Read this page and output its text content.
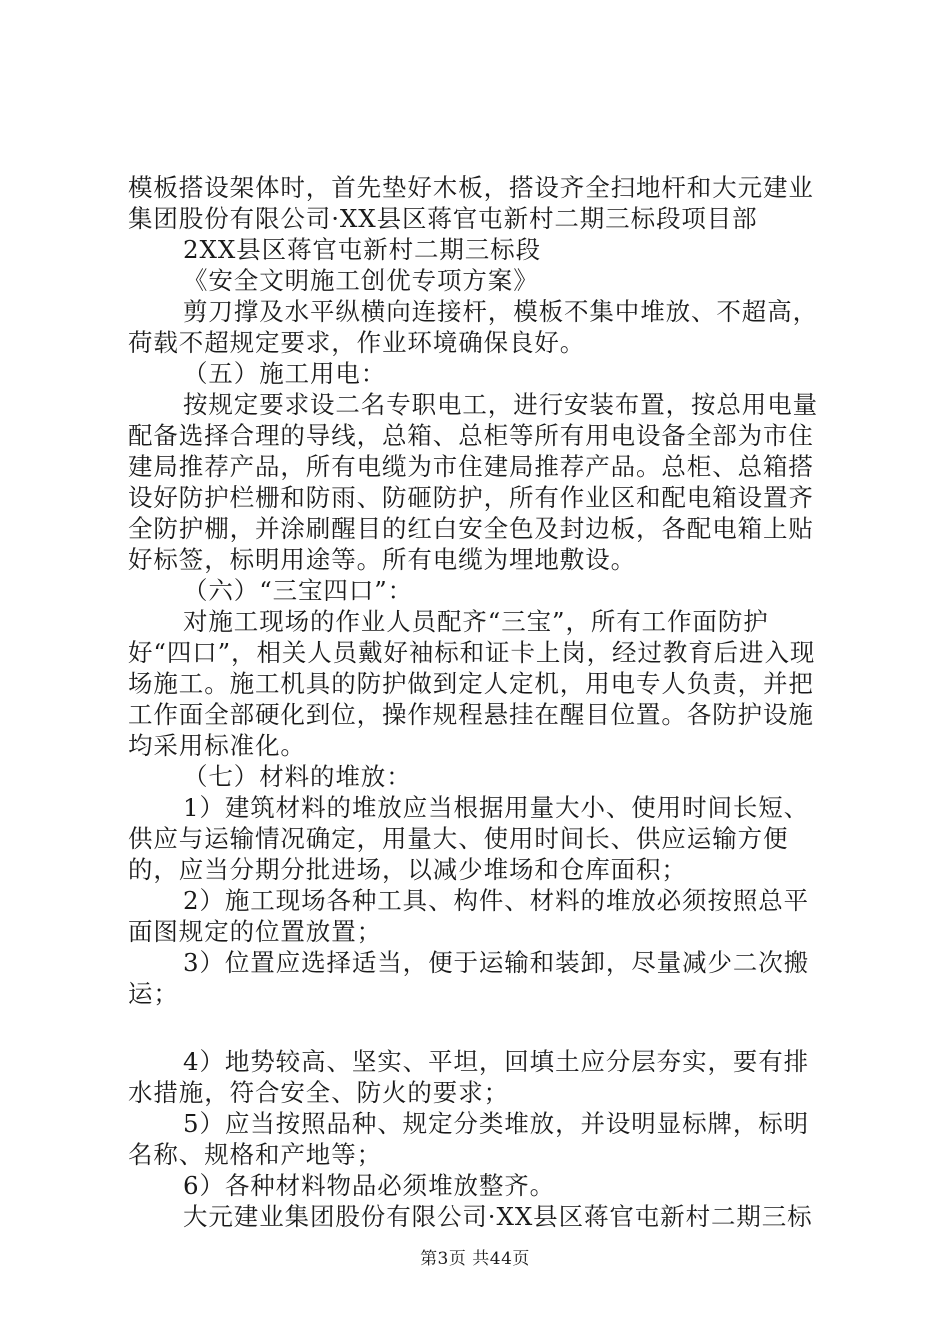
模板搭设架体时，首先垫好木板，搭设齐全扫地杆和大元建业集团股份有限公司·XX县区蒋官屯新村二期三标段项目部

2XX县区蒋官屯新村二期三标段

《安全文明施工创优专项方案》

剪刀撑及水平纵横向连接杆，模板不集中堆放、不超高，荷载不超规定要求，作业环境确保良好。

（五）施工用电：

按规定要求设二名专职电工，进行安装布置，按总用电量配备选择合理的导线，总箱、总柜等所有用电设备全部为市住建局推荐产品，所有电缆为市住建局推荐产品。总柜、总箱搭设好防护栏栅和防雨、防砸防护，所有作业区和配电箱设置齐全防护棚，并涂刷醒目的红白安全色及封边板，各配电箱上贴好标签，标明用途等。所有电缆为埋地敷设。

（六）“三宝四口”：

对施工现场的作业人员配齐“三宝”，所有工作面防护好“四口”，相关人员戴好袖标和证卡上岗，经过教育后进入现场施工。施工机具的防护做到定人定机，用电专人负责，并把工作面全部硬化到位，操作规程悬挂在醒目位置。各防护设施均采用标准化。

（七）材料的堆放：

1）建筑材料的堆放应当根据用量大小、使用时间长短、供应与运输情况确定，用量大、使用时间长、供应运输方便的，应当分期分批进场，以减少堆场和仓库面积；

2）施工现场各种工具、构件、材料的堆放必须按照总平面图规定的位置放置；

3）位置应选择适当，便于运输和装卸，尽量减少二次搬运；

4）地势较高、坚实、平坦，回填土应分层夯实，要有排水措施，符合安全、防火的要求；

5）应当按照品种、规定分类堆放，并设明显标牌，标明名称、规格和产地等；

6）各种材料物品必须堆放整齐。

大元建业集团股份有限公司·XX县区蒋官屯新村二期三标

第3页 共44页
